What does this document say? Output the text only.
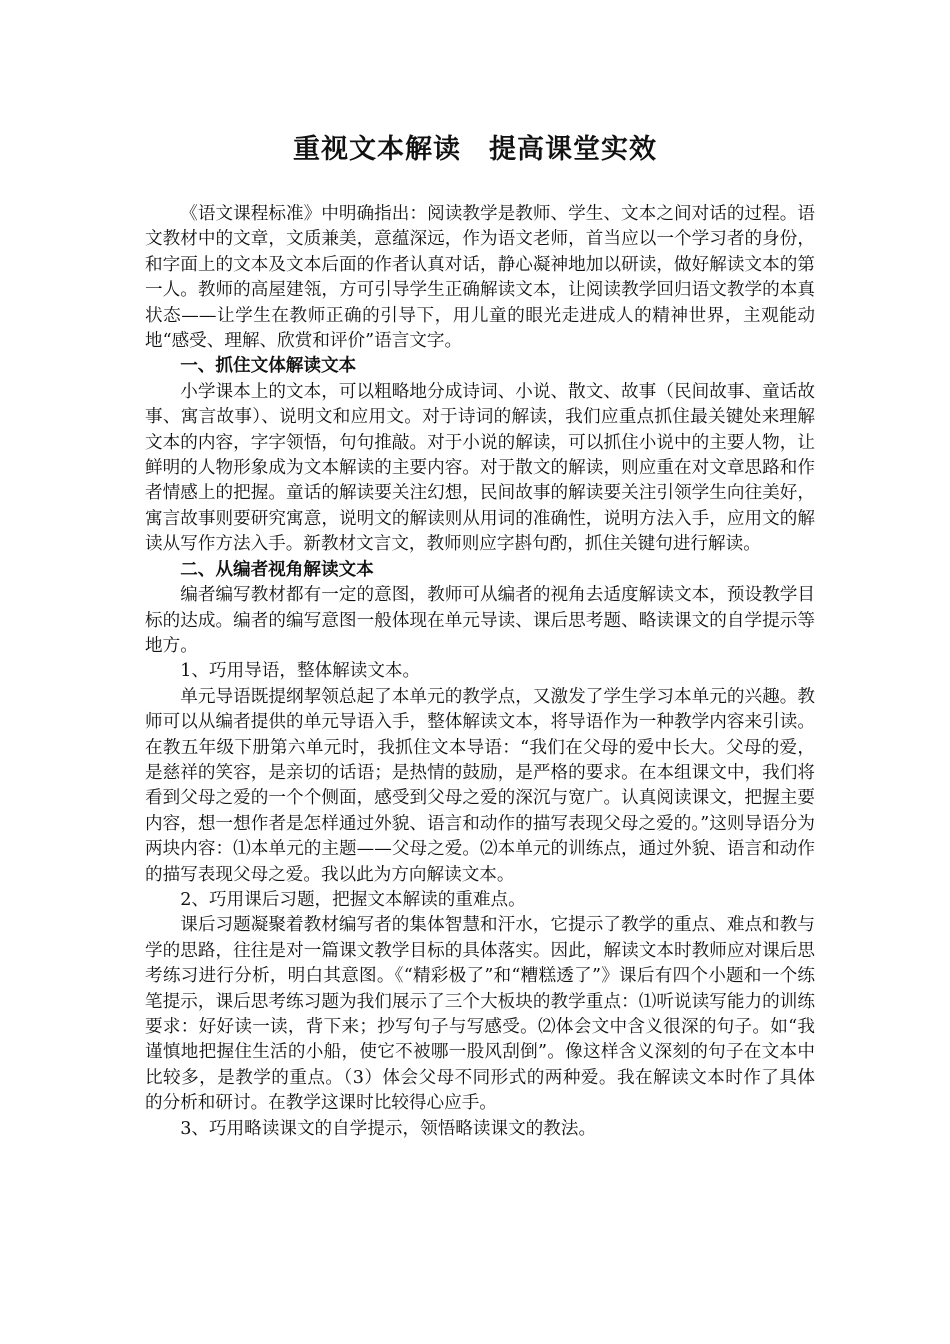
重视文本解读　提高课堂实效

《语文课程标准》中明确指出：阅读教学是教师、学生、文本之间对话的过程。语文教材中的文章，文质兼美，意蕴深远，作为语文老师，首当应以一个学习者的身份，和字面上的文本及文本后面的作者认真对话，静心凝神地加以研读，做好解读文本的第一人。教师的高屋建瓴，方可引导学生正确解读文本，让阅读教学回归语文教学的本真状态——让学生在教师正确的引导下，用儿童的眼光走进成人的精神世界，主观能动地“感受、理解、欣赏和评价”语言文字。

一、抓住文体解读文本

小学课本上的文本，可以粗略地分成诗词、小说、散文、故事（民间故事、童话故事、寓言故事）、说明文和应用文。对于诗词的解读，我们应重点抓住最关键处来理解文本的内容，字字领悟，句句推敲。对于小说的解读，可以抓住小说中的主要人物，让鲜明的人物形象成为文本解读的主要内容。对于散文的解读，则应重在对文章思路和作者情感上的把握。童话的解读要关注幻想，民间故事的解读要关注引领学生向往美好，寓言故事则要研究寓意，说明文的解读则从用词的准确性，说明方法入手，应用文的解读从写作方法入手。新教材文言文，教师则应字斟句酌，抓住关键句进行解读。

二、从编者视角解读文本

编者编写教材都有一定的意图，教师可从编者的视角去适度解读文本，预设教学目标的达成。编者的编写意图一般体现在单元导读、课后思考题、略读课文的自学提示等地方。

1、巧用导语，整体解读文本。

单元导语既提纲挈领总起了本单元的教学点，又激发了学生学习本单元的兴趣。教师可以从编者提供的单元导语入手，整体解读文本，将导语作为一种教学内容来引读。 在教五年级下册第六单元时，我抓住文本导语：“我们在父母的爱中长大。父母的爱，是慈祥的笑容，是亲切的话语；是热情的鼓励，是严格的要求。在本组课文中，我们将看到父母之爱的一个个侧面，感受到父母之爱的深沉与宽广。认真阅读课文，把握主要内容，想一想作者是怎样通过外貌、语言和动作的描写表现父母之爱的。”这则导语分为两块内容：⑴本单元的主题——父母之爱。⑵本单元的训练点，通过外貌、语言和动作的描写表现父母之爱。我以此为方向解读文本。

2、巧用课后习题，把握文本解读的重难点。

课后习题凝聚着教材编写者的集体智慧和汗水，它提示了教学的重点、难点和教与学的思路，往往是对一篇课文教学目标的具体落实。因此，解读文本时教师应对课后思考练习进行分析，明白其意图。《“精彩极了”和“糟糕透了”》课后有四个小题和一个练笔提示，课后思考练习题为我们展示了三个大板块的教学重点：⑴听说读写能力的训练要求：好好读一读，背下来；抄写句子与写感受。⑵体会文中含义很深的句子。如“我谨慎地把握住生活的小船，使它不被哪一股风刮倒”。像这样含义深刻的句子在文本中比较多，是教学的重点。（3）体会父母不同形式的两种爱。我在解读文本时作了具体的分析和研讨。在教学这课时比较得心应手。

3、巧用略读课文的自学提示，领悟略读课文的教法。
